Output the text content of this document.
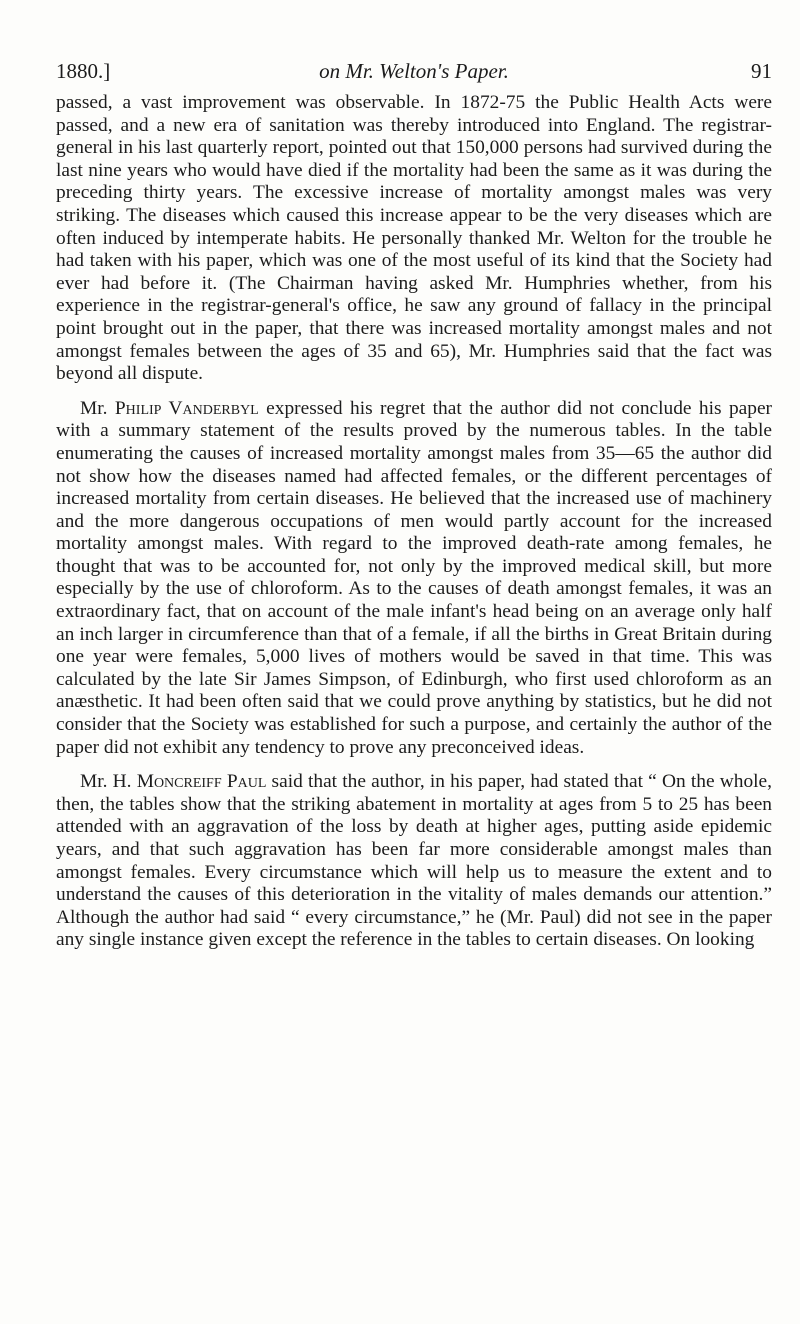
1880.]	on Mr. Welton's Paper.	91

passed, a vast improvement was observable. In 1872-75 the Public Health Acts were passed, and a new era of sanitation was thereby introduced into England. The registrar-general in his last quarterly report, pointed out that 150,000 persons had survived during the last nine years who would have died if the mortality had been the same as it was during the preceding thirty years. The excessive increase of mortality amongst males was very striking. The diseases which caused this increase appear to be the very diseases which are often induced by intemperate habits. He personally thanked Mr. Welton for the trouble he had taken with his paper, which was one of the most useful of its kind that the Society had ever had before it. (The Chairman having asked Mr. Humphries whether, from his experience in the registrar-general's office, he saw any ground of fallacy in the principal point brought out in the paper, that there was increased mortality amongst males and not amongst females between the ages of 35 and 65), Mr. Humphries said that the fact was beyond all dispute.

Mr. Philip Vanderbyl expressed his regret that the author did not conclude his paper with a summary statement of the results proved by the numerous tables. In the table enumerating the causes of increased mortality amongst males from 35—65 the author did not show how the diseases named had affected females, or the different percentages of increased mortality from certain diseases. He believed that the increased use of machinery and the more dangerous occupations of men would partly account for the increased mortality amongst males. With regard to the improved death-rate among females, he thought that was to be accounted for, not only by the improved medical skill, but more especially by the use of chloroform. As to the causes of death amongst females, it was an extraordinary fact, that on account of the male infant's head being on an average only half an inch larger in circumference than that of a female, if all the births in Great Britain during one year were females, 5,000 lives of mothers would be saved in that time. This was calculated by the late Sir James Simpson, of Edinburgh, who first used chloroform as an anæsthetic. It had been often said that we could prove anything by statistics, but he did not consider that the Society was established for such a purpose, and certainly the author of the paper did not exhibit any tendency to prove any preconceived ideas.

Mr. H. Moncreiff Paul said that the author, in his paper, had stated that “ On the whole, then, the tables show that the striking abatement in mortality at ages from 5 to 25 has been attended with an aggravation of the loss by death at higher ages, putting aside epidemic years, and that such aggravation has been far more considerable amongst males than amongst females. Every circumstance which will help us to measure the extent and to understand the causes of this deterioration in the vitality of males demands our attention.” Although the author had said “ every circumstance,” he (Mr. Paul) did not see in the paper any single instance given except the reference in the tables to certain diseases. On looking
